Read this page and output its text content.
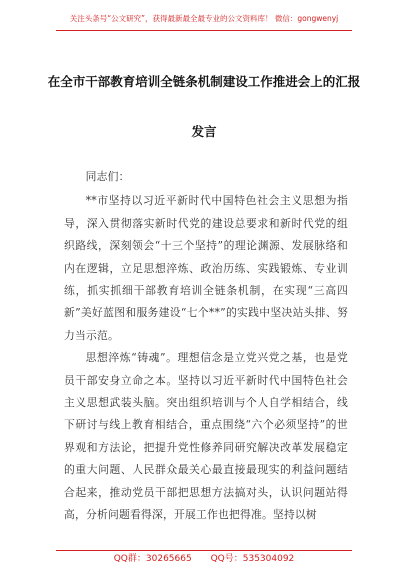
关注头条号“公文研究”，获得最新最全最专业的公文资料库！ 微信：gongwenyj
在全市干部教育培训全链条机制建设工作推进会上的汇报
发言

同志们：

**市坚持以习近平新时代中国特色社会主义思想为指导，深入贯彻落实新时代党的建设总要求和新时代党的组织路线，深刻领会“十三个坚持”的理论渊源、发展脉络和内在逻辑，立足思想淬炼、政治历练、实践锻炼、专业训练，抓实抓细干部教育培训全链条机制，在实现“三高四新”美好蓝图和服务建设“七个**”的实践中坚决站头排、努力当示范。

思想淬炼“铸魂”。理想信念是立党兴党之基，也是党员干部安身立命之本。坚持以习近平新时代中国特色社会主义思想武装头脑。突出组织培训与个人自学相结合，线下研讨与线上教育相结合，重点围绕“六个必须坚持”的世界观和方法论，把提升党性修养同研究解决改革发展稳定的重大问题、人民群众最关心最直接最现实的利益问题结合起来，推动党员干部把思想方法搞对头，认识问题站得高，分析问题看得深，开展工作也把得准。坚持以树

QQ群：30265665 QQ号：535304092
